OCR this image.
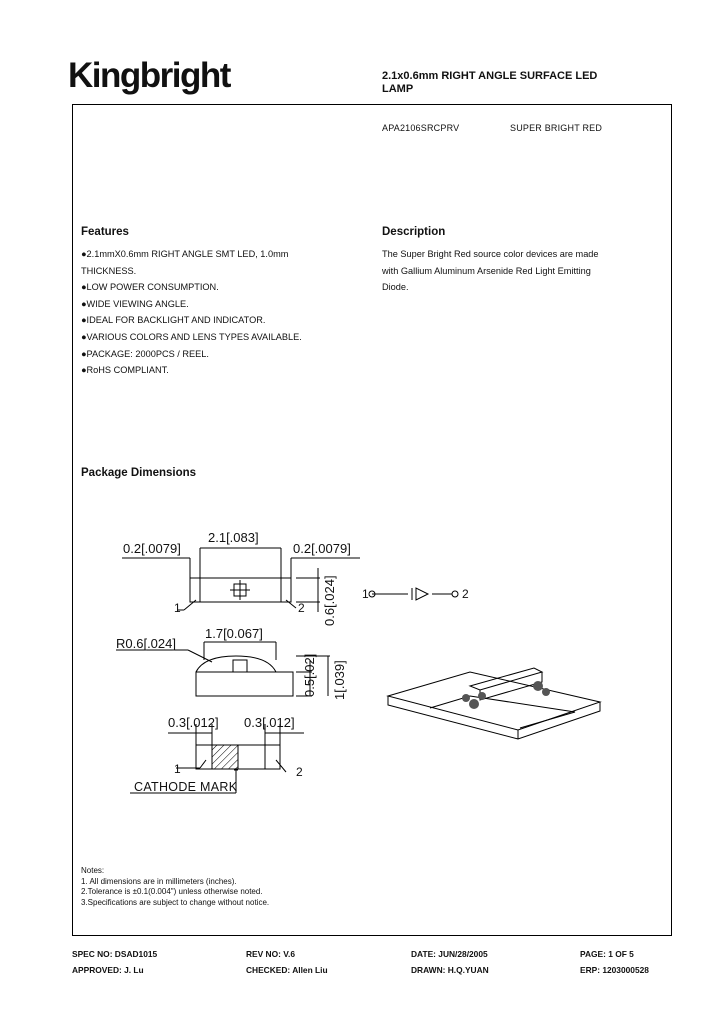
Kingbright	2.1x0.6mm RIGHT ANGLE SURFACE LED
LAMP
APA2106SRCPRV	SUPER BRIGHT RED
Features
●2.1mmX0.6mm RIGHT ANGLE SMT LED, 1.0mm
THICKNESS.
●LOW POWER CONSUMPTION.
●WIDE VIEWING ANGLE.
●IDEAL FOR BACKLIGHT AND INDICATOR.
●VARIOUS COLORS AND LENS TYPES AVAILABLE.
●PACKAGE: 2000PCS / REEL.
●RoHS COMPLIANT.
Description
The Super Bright Red source color devices are made
with Gallium Aluminum Arsenide Red Light Emitting
Diode.
Package Dimensions
0.2[.0079]
2.1[.083]
0.2[.0079]
0.6[.024]
1	2
R0.6[.024]
1.7[0.067]
0.5[.02] 1[.039]
0.3[.012] 0.3[.012]
1	2
CATHODE MARK
1	2
Notes:
1. All dimensions are in millimeters (inches).
2.Tolerance is ±0.1(0.004") unless otherwise noted.
3.Specifications are subject to change without notice.
SPEC NO: DSAD1015	REV NO: V.6	DATE: JUN/28/2005	PAGE: 1 OF 5
APPROVED: J. Lu	CHECKED: Allen Liu	DRAWN: H.Q.YUAN	ERP: 1203000528
